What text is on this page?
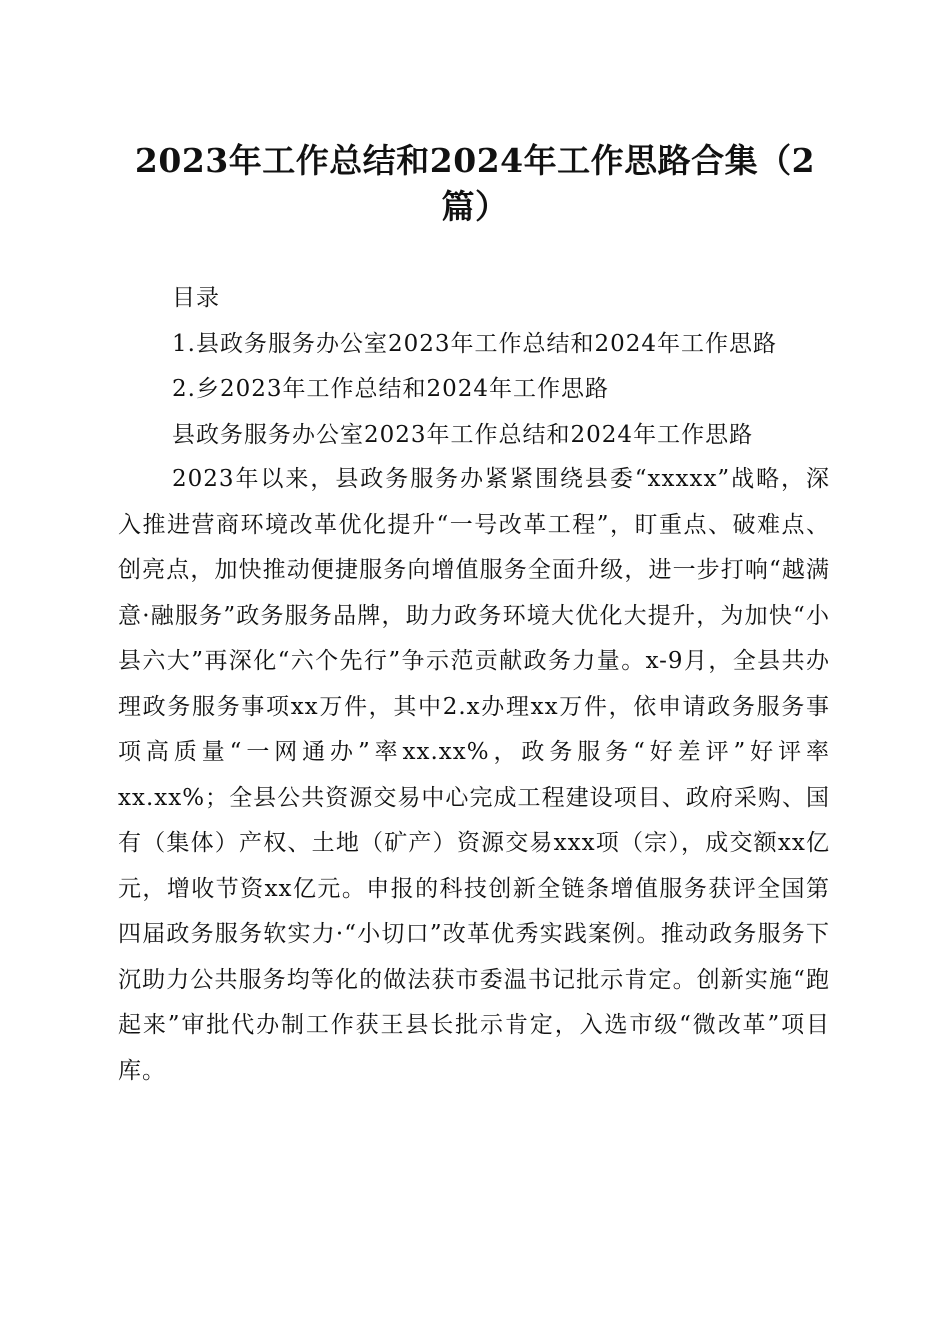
2023年工作总结和2024年工作思路合集（2篇）
目录
1.县政务服务办公室2023年工作总结和2024年工作思路
2.乡2023年工作总结和2024年工作思路
县政务服务办公室2023年工作总结和2024年工作思路

2023年以来，县政务服务办紧紧围绕县委“xxxxx”战略，深入推进营商环境改革优化提升“一号改革工程”，盯重点、破难点、创亮点，加快推动便捷服务向增值服务全面升级，进一步打响“越满意·融服务”政务服务品牌，助力政务环境大优化大提升，为加快“小县六大”再深化“六个先行”争示范贡献政务力量。x-9月，全县共办理政务服务事项xx万件，其中2.x办理xx万件，依申请政务服务事项高质量“一网通办”率xx.xx%，政务服务“好差评”好评率xx.xx%；全县公共资源交易中心完成工程建设项目、政府采购、国有（集体）产权、土地（矿产）资源交易xxx项（宗），成交额xx亿元，增收节资xx亿元。申报的科技创新全链条增值服务获评全国第四届政务服务软实力·“小切口”改革优秀实践案例。推动政务服务下沉助力公共服务均等化的做法获市委温书记批示肯定。创新实施“跑起来”审批代办制工作获王县长批示肯定，入选市级“微改革”项目库。
